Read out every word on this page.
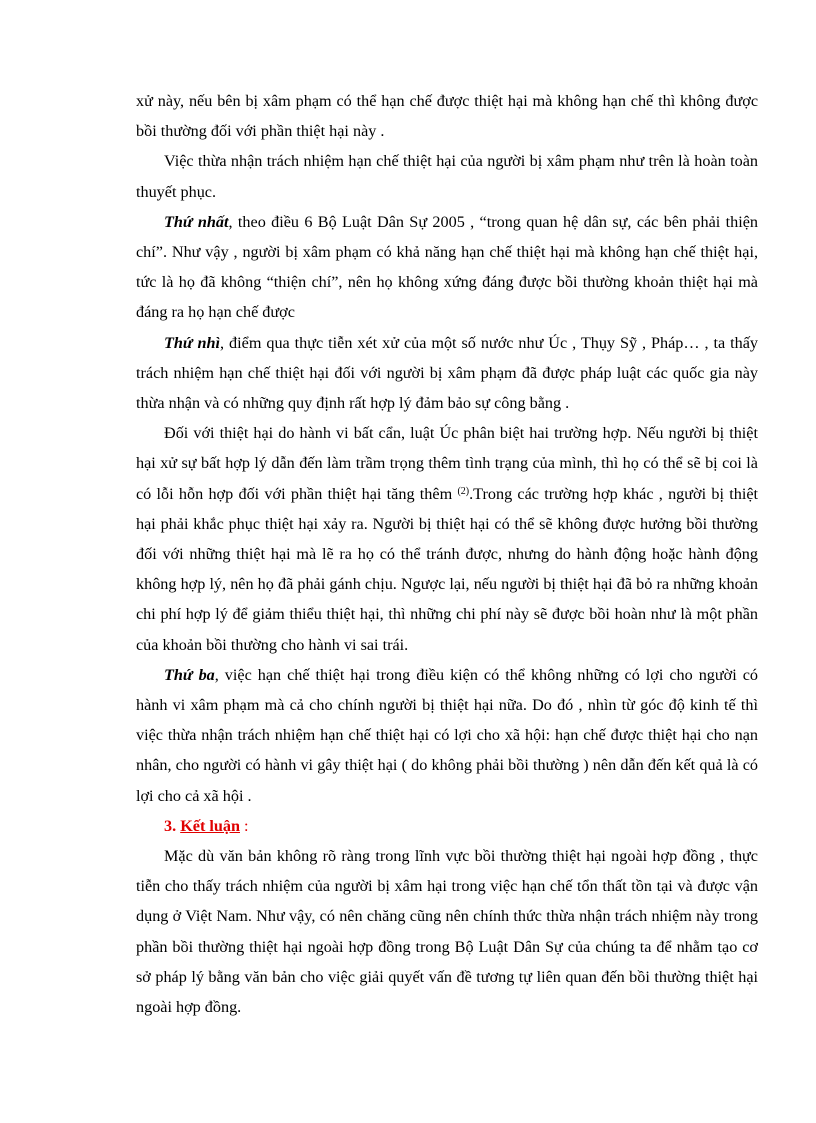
xử này, nếu bên bị xâm phạm có thể hạn chế được thiệt hại mà không hạn chế thì không được bồi thường đối với phần thiệt hại này .

Việc thừa nhận trách nhiệm hạn chế thiệt hại của người bị xâm phạm như trên là hoàn toàn thuyết phục.

Thứ nhất, theo điều 6 Bộ Luật Dân Sự 2005 , “trong quan hệ dân sự, các bên phải thiện chí”. Như vậy , người bị xâm phạm có khả năng hạn chế thiệt hại mà không hạn chế thiệt hại, tức là họ đã không “thiện chí”, nên họ không xứng đáng được bồi thường khoản thiệt hại mà đáng ra họ hạn chế được

Thứ nhì, điểm qua thực tiễn xét xử của một số nước như Úc , Thụy Sỹ , Pháp… , ta thấy trách nhiệm hạn chế thiệt hại đối với người bị xâm phạm đã được pháp luật các quốc gia này thừa nhận và có những quy định rất hợp lý đảm bảo sự công bằng .

Đối với thiệt hại do hành vi bất cẩn, luật Úc phân biệt hai trường hợp. Nếu người bị thiệt hại xử sự bất hợp lý dẫn đến làm trầm trọng thêm tình trạng của mình, thì họ có thể sẽ bị coi là có lỗi hỗn hợp đối với phần thiệt hại tăng thêm $^{(2)}$.Trong các trường hợp khác , người bị thiệt hại phải khắc phục thiệt hại xảy ra. Người bị thiệt hại có thể sẽ không được hưởng bồi thường đối với những thiệt hại mà lẽ ra họ có thể tránh được, nhưng do hành động hoặc hành động không hợp lý, nên họ đã phải gánh chịu. Ngược lại, nếu người bị thiệt hại đã bỏ ra những khoản chi phí hợp lý để giảm thiểu thiệt hại, thì những chi phí này sẽ được bồi hoàn như là một phần của khoản bồi thường cho hành vi sai trái.

Thứ ba, việc hạn chế thiệt hại trong điều kiện có thể không những có lợi cho người có hành vi xâm phạm mà cả cho chính người bị thiệt hại nữa. Do đó , nhìn từ góc độ kinh tế thì việc thừa nhận trách nhiệm hạn chế thiệt hại có lợi cho xã hội: hạn chế được thiệt hại cho nạn nhân, cho người có hành vi gây thiệt hại ( do không phải bồi thường ) nên dẫn đến kết quả là có lợi cho cả xã hội .

3. Kết luận :

Mặc dù văn bản không rõ ràng trong lĩnh vực bồi thường thiệt hại ngoài hợp đồng , thực tiễn cho thấy trách nhiệm của người bị xâm hại trong việc hạn chế tổn thất tồn tại và được vận dụng ở Việt Nam. Như vậy, có nên chăng cũng nên chính thức thừa nhận trách nhiệm này trong phần bồi thường thiệt hại ngoài hợp đồng trong Bộ Luật Dân Sự của chúng ta để nhằm tạo cơ sở pháp lý bằng văn bản cho việc giải quyết vấn đề tương tự liên quan đến bồi thường thiệt hại ngoài hợp đồng.
